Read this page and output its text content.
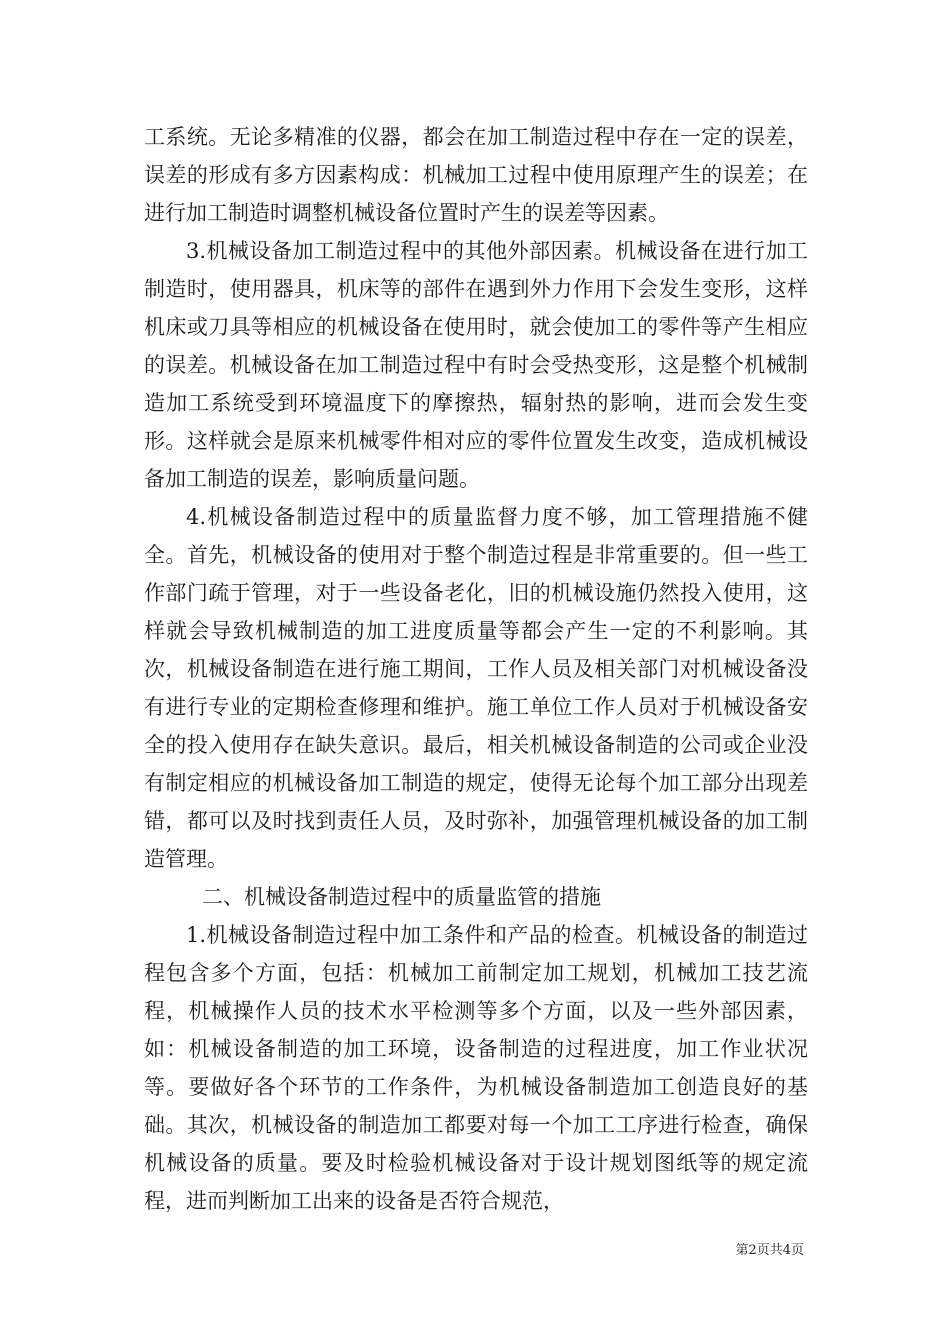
工系统。无论多精准的仪器，都会在加工制造过程中存在一定的误差，误差的形成有多方因素构成：机械加工过程中使用原理产生的误差；在进行加工制造时调整机械设备位置时产生的误差等因素。

3.机械设备加工制造过程中的其他外部因素。机械设备在进行加工制造时，使用器具，机床等的部件在遇到外力作用下会发生变形，这样机床或刀具等相应的机械设备在使用时，就会使加工的零件等产生相应的误差。机械设备在加工制造过程中有时会受热变形，这是整个机械制造加工系统受到环境温度下的摩擦热，辐射热的影响，进而会发生变形。这样就会是原来机械零件相对应的零件位置发生改变，造成机械设备加工制造的误差，影响质量问题。

4.机械设备制造过程中的质量监督力度不够，加工管理措施不健全。首先，机械设备的使用对于整个制造过程是非常重要的。但一些工作部门疏于管理，对于一些设备老化，旧的机械设施仍然投入使用，这样就会导致机械制造的加工进度质量等都会产生一定的不利影响。其次，机械设备制造在进行施工期间，工作人员及相关部门对机械设备没有进行专业的定期检查修理和维护。施工单位工作人员对于机械设备安全的投入使用存在缺失意识。最后，相关机械设备制造的公司或企业没有制定相应的机械设备加工制造的规定，使得无论每个加工部分出现差错，都可以及时找到责任人员，及时弥补，加强管理机械设备的加工制造管理。

二、机械设备制造过程中的质量监管的措施

1.机械设备制造过程中加工条件和产品的检查。机械设备的制造过程包含多个方面，包括：机械加工前制定加工规划，机械加工技艺流程，机械操作人员的技术水平检测等多个方面，以及一些外部因素，如：机械设备制造的加工环境，设备制造的过程进度，加工作业状况等。要做好各个环节的工作条件，为机械设备制造加工创造良好的基础。其次，机械设备的制造加工都要对每一个加工工序进行检查，确保机械设备的质量。要及时检验机械设备对于设计规划图纸等的规定流程，进而判断加工出来的设备是否符合规范，

第2页共4页
